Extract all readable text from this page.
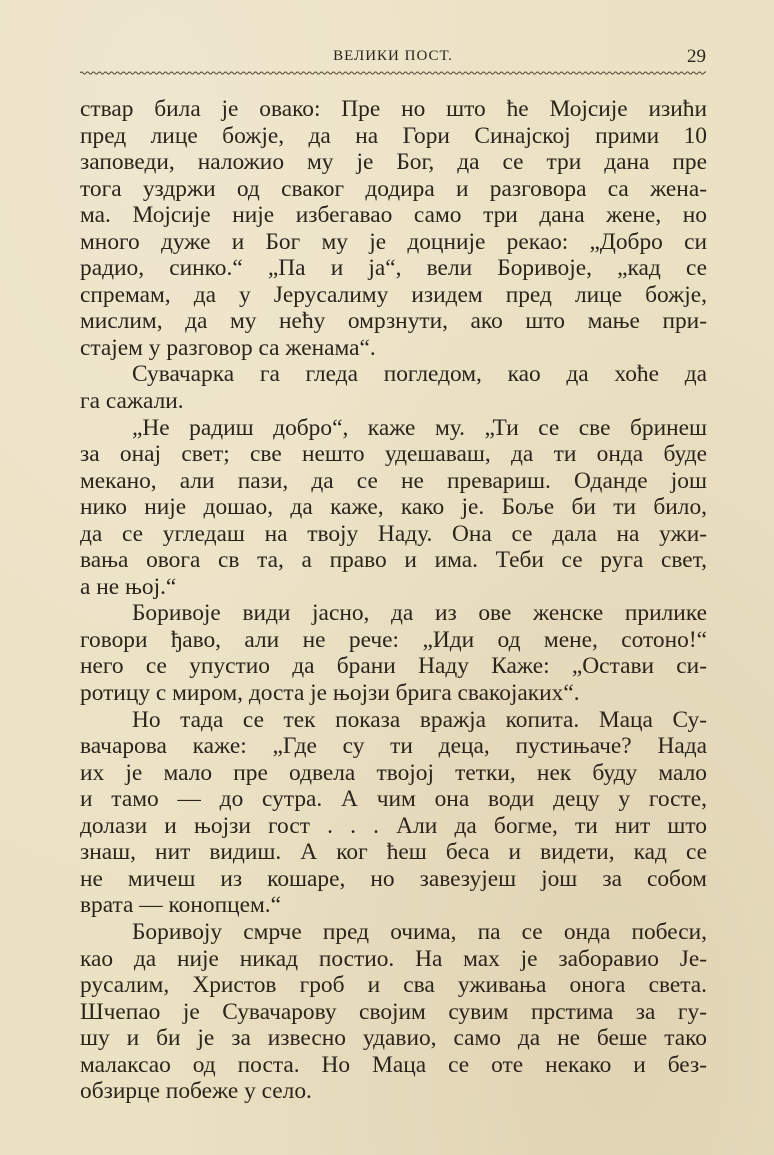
ВЕЛИКИ ПОСТ.	29
ствар била је овако: Пре но што ће Мојсије изићи
пред лице божје, да на Гори Синајској прими 10
заповеди, наложио му је Бог, да се три дана пре
тога уздржи од сваког додира и разговора са жена-
ма. Мојсије није избегавао само три дана жене, но
много дуже и Бог му је доцније рекао: „Добро си
радио, синко.“ „Па и ја“, вели Боривоје, „кад се
спремам, да у Јерусалиму изидем пред лице божје,
мислим, да му нећу омрзнути, ако што мање при-
стајем у разговор са женама“.
Сувачарка га гледа погледом, као да хоће да
га сажали.
„Не радиш добро“, каже му. „Ти се све бринеш
за онај свет; све нешто удешаваш, да ти онда буде
мекано, али пази, да се не превариш. Оданде још
нико није дошао, да каже, како је. Боље би ти било,
да се угледаш на твоју Наду. Она се дала на ужи-
вања овога св та, а право и има. Теби се руга свет,
а не њој.“
Боривоје види јасно, да из ове женске прилике
говори ђаво, али не рече: „Иди од мене, сотоно!“
него се упустио да брани Наду Каже: „Остави си-
ротицу с миром, доста је њојзи брига свакојаких“.
Но тада се тек показа вражја копита. Маца Су-
вачарова каже: „Где су ти деца, пустињаче? Нада
их је мало пре одвела твојој тетки, нек буду мало
и тамо — до сутра. А чим она води децу у госте,
долази и њојзи гост . . . Али да богме, ти нит што
знаш, нит видиш. А ког ћеш беса и видети, кад се
не мичеш из кошаре, но завезујеш још за собом
врата — конопцем.“
Боривоју смрче пред очима, па се онда побеси,
као да није никад постио. На мах је заборавио Је-
русалим, Христов гроб и сва уживања онога света.
Шчепао је Сувачарову својим сувим прстима за гу-
шу и би је за извесно удавио, само да не беше тако
малаксао од поста. Но Маца се оте некако и без-
обзирце побеже у село.
